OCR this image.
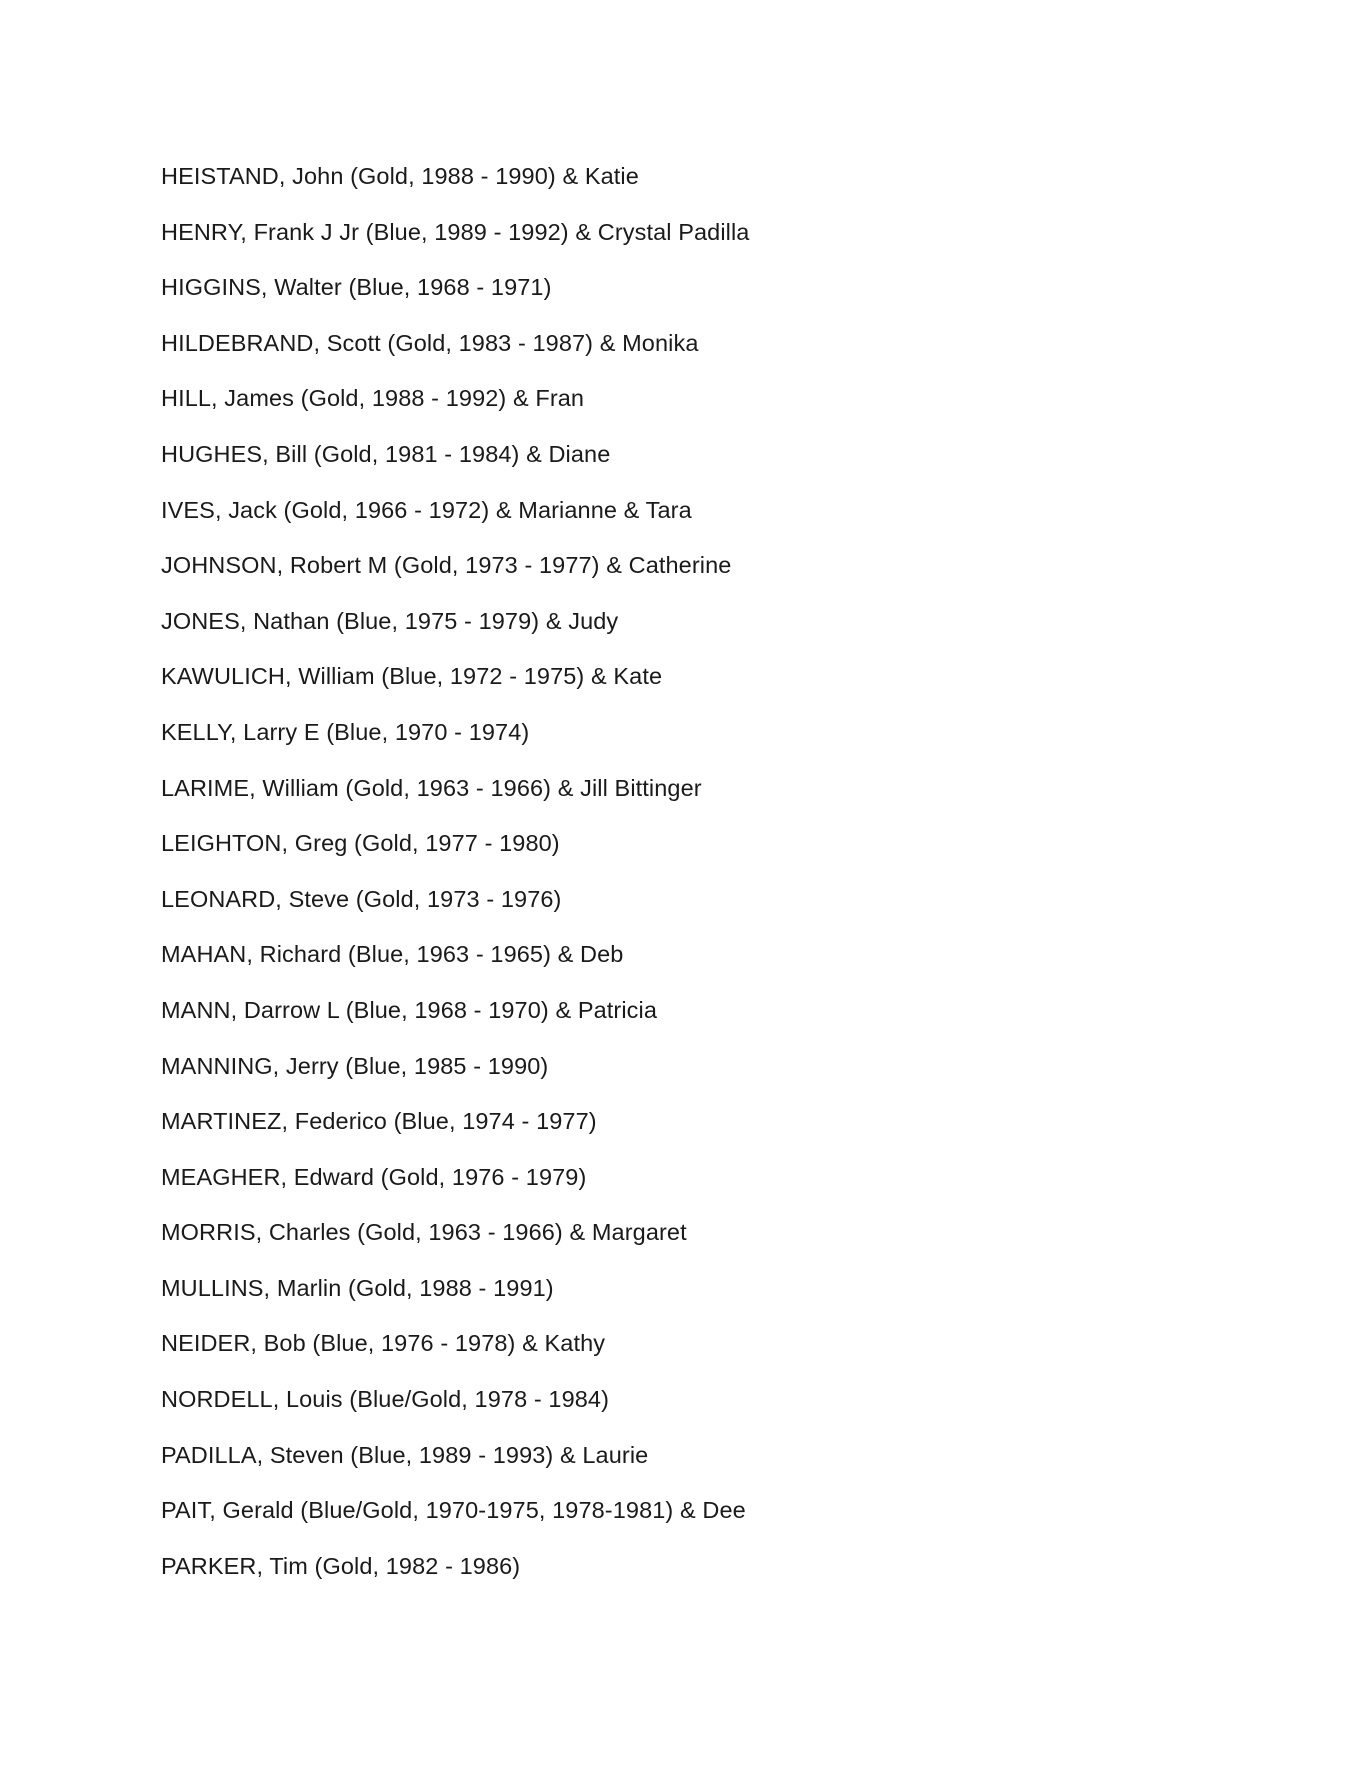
HEISTAND, John (Gold, 1988 - 1990) & Katie
HENRY, Frank J Jr (Blue, 1989 - 1992) & Crystal Padilla
HIGGINS, Walter (Blue, 1968 - 1971)
HILDEBRAND, Scott (Gold, 1983 - 1987) & Monika
HILL, James (Gold, 1988 - 1992) & Fran
HUGHES, Bill (Gold, 1981 - 1984) & Diane
IVES, Jack (Gold, 1966 - 1972) & Marianne & Tara
JOHNSON, Robert M (Gold, 1973 - 1977) & Catherine
JONES, Nathan (Blue, 1975 - 1979) & Judy
KAWULICH, William (Blue, 1972 - 1975) & Kate
KELLY, Larry E (Blue, 1970 - 1974)
LARIME, William (Gold, 1963 - 1966) & Jill Bittinger
LEIGHTON, Greg (Gold, 1977 - 1980)
LEONARD, Steve (Gold, 1973 - 1976)
MAHAN, Richard (Blue, 1963 - 1965) & Deb
MANN, Darrow L (Blue, 1968 - 1970) & Patricia
MANNING, Jerry (Blue, 1985 - 1990)
MARTINEZ, Federico (Blue, 1974 - 1977)
MEAGHER, Edward (Gold, 1976 - 1979)
MORRIS, Charles (Gold, 1963 - 1966) & Margaret
MULLINS, Marlin (Gold, 1988 - 1991)
NEIDER, Bob (Blue, 1976 - 1978) & Kathy
NORDELL, Louis (Blue/Gold, 1978 - 1984)
PADILLA, Steven (Blue, 1989 - 1993) & Laurie
PAIT, Gerald (Blue/Gold, 1970-1975, 1978-1981) & Dee
PARKER, Tim (Gold, 1982 - 1986)
